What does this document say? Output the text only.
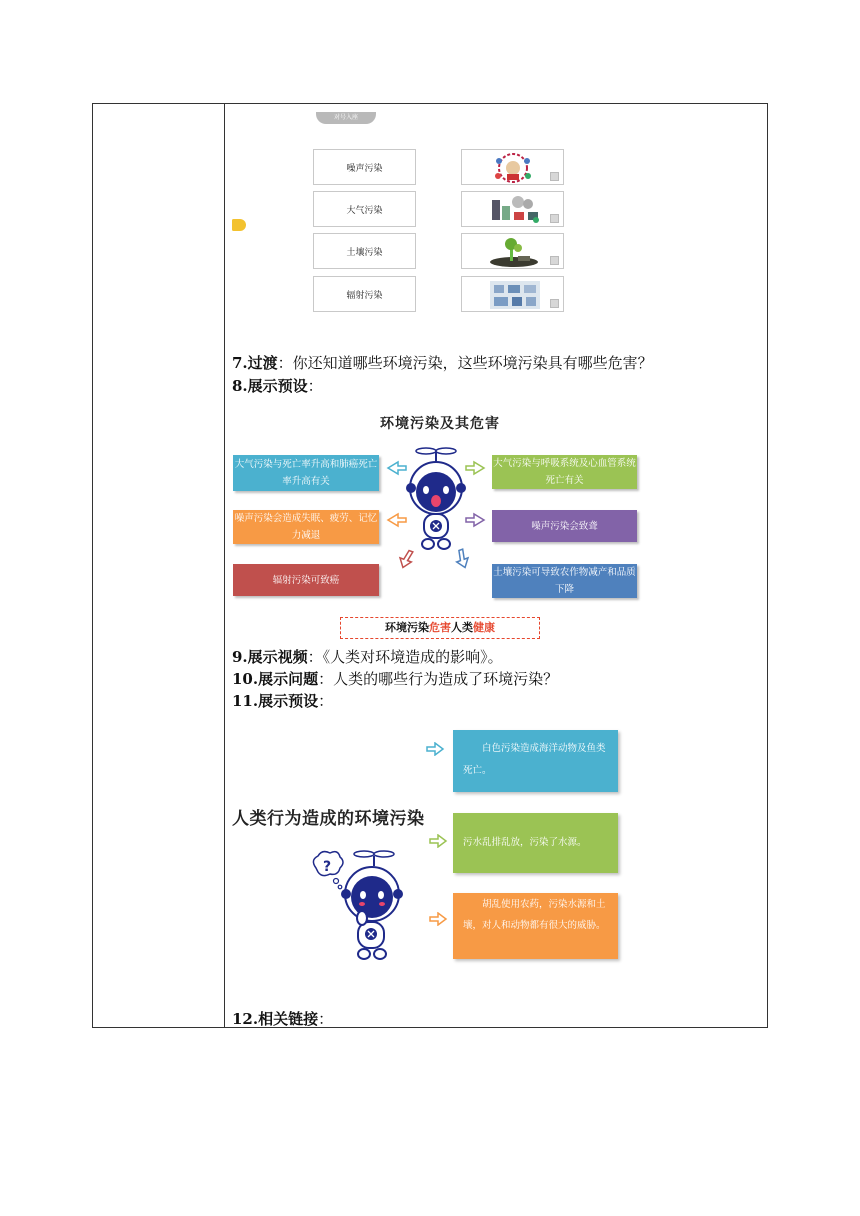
对号入座
噪声污染
大气污染
土壤污染
辐射污染
7.过渡：你还知道哪些环境污染，这些环境污染具有哪些危害？
8.展示预设：
环境污染及其危害
大气污染与死亡率升高和肺癌死亡率升高有关
噪声污染会造成失眠、疲劳、记忆力减退
辐射污染可致癌
大气污染与呼吸系统及心血管系统死亡有关
噪声污染会致聋
土壤污染可导致农作物减产和品质下降
环境污染危害人类健康
9.展示视频：《人类对环境造成的影响》。
10.展示问题：人类的哪些行为造成了环境污染？
11.展示预设：
人类行为造成的环境污染
白色污染造成海洋动物及鱼类死亡。
污水乱排乱放，污染了水源。
胡乱使用农药，污染水源和土壤，对人和动物都有很大的威胁。
?
12.相关链接：
